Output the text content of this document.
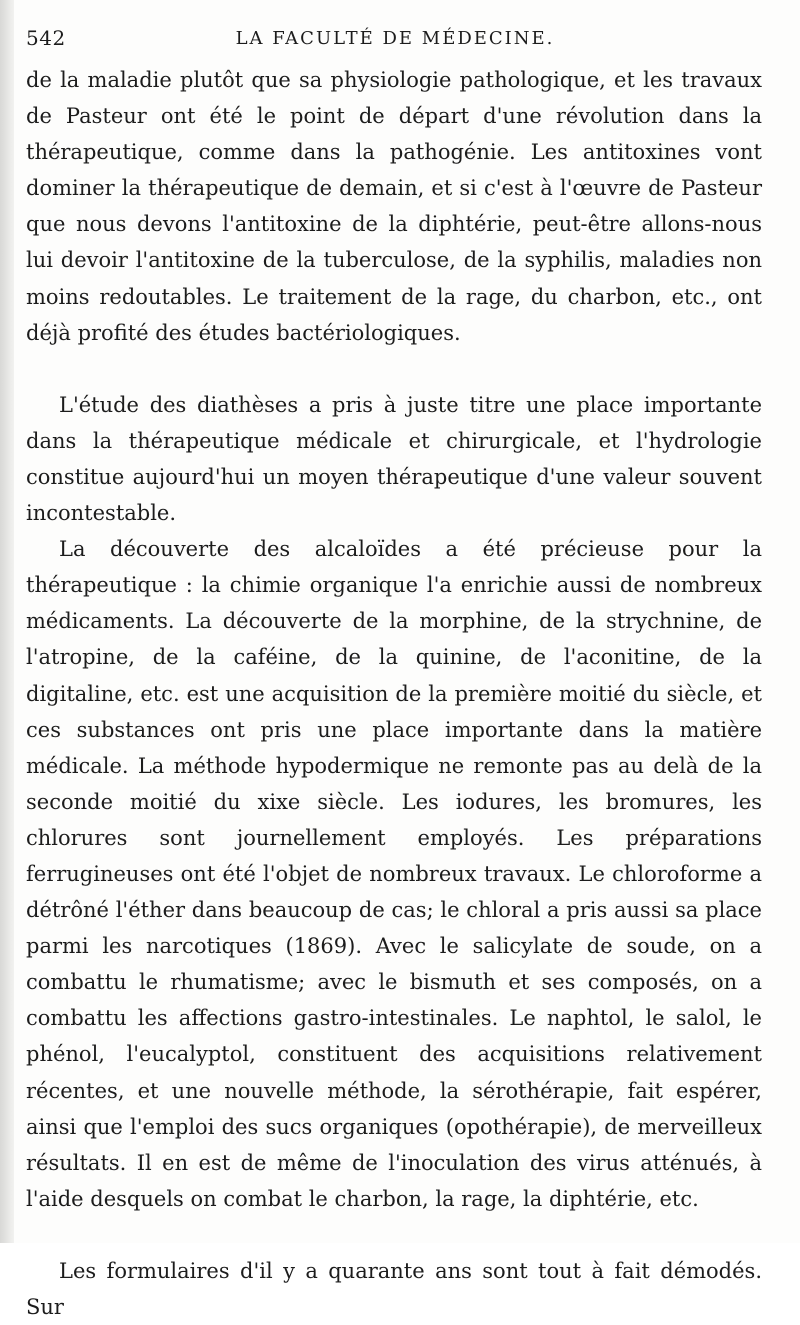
542	LA FACULTÉ DE MÉDECINE.

de la maladie plutôt que sa physiologie pathologique, et les travaux de Pasteur ont été le point de départ d'une révolution dans la thérapeutique, comme dans la pathogénie. Les antitoxines vont dominer la thérapeutique de demain, et si c'est à l'œuvre de Pasteur que nous devons l'antitoxine de la diphtérie, peut-être allons-nous lui devoir l'antitoxine de la tuberculose, de la syphilis, maladies non moins redoutables. Le traitement de la rage, du charbon, etc., ont déjà profité des études bactériologiques.

L'étude des diathèses a pris à juste titre une place importante dans la thérapeutique médicale et chirurgicale, et l'hydrologie constitue aujourd'hui un moyen thérapeutique d'une valeur souvent incontestable.

La découverte des alcaloïdes a été précieuse pour la thérapeutique : la chimie organique l'a enrichie aussi de nombreux médicaments. La découverte de la morphine, de la strychnine, de l'atropine, de la caféine, de la quinine, de l'aconitine, de la digitaline, etc. est une acquisition de la première moitié du siècle, et ces substances ont pris une place importante dans la matière médicale. La méthode hypodermique ne remonte pas au delà de la seconde moitié du xixe siècle. Les iodures, les bromures, les chlorures sont journellement employés. Les préparations ferrugineuses ont été l'objet de nombreux travaux. Le chloroforme a détrôné l'éther dans beaucoup de cas; le chloral a pris aussi sa place parmi les narcotiques (1869). Avec le salicylate de soude, on a combattu le rhumatisme; avec le bismuth et ses composés, on a combattu les affections gastro-intestinales. Le naphtol, le salol, le phénol, l'eucalyptol, constituent des acquisitions relativement récentes, et une nouvelle méthode, la sérothérapie, fait espérer, ainsi que l'emploi des sucs organiques (opothérapie), de merveilleux résultats. Il en est de même de l'inoculation des virus atténués, à l'aide desquels on combat le charbon, la rage, la diphtérie, etc.

Les formulaires d'il y a quarante ans sont tout à fait démodés. Sur
